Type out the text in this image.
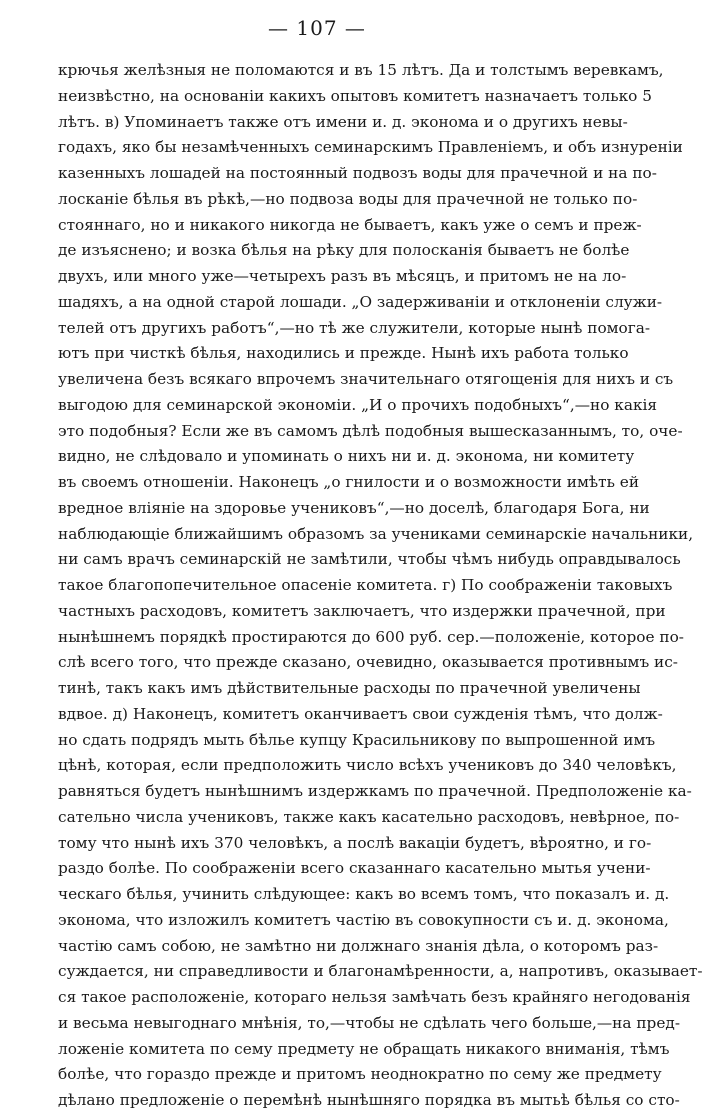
— 107 —
крючья желѣзныя не поломаются и въ 15 лѣтъ. Да и толстымъ веревкамъ,
неизвѣстно, на основаніи какихъ опытовъ комитетъ назначаетъ только 5
лѣтъ. в) Упоминаетъ также отъ имени и. д. эконома и о другихъ невы-
годахъ, яко бы незамѣченныхъ семинарскимъ Правленіемъ, и объ изнуреніи
казенныхъ лошадей на постоянный подвозъ воды для прачечной и на по-
лосканіе бѣлья въ рѣкѣ,—но подвоза воды для прачечной не только по-
стояннаго, но и никакого никогда не бываетъ, какъ уже о семъ и преж-
де изъяснено; и возка бѣлья на рѣку для полосканія бываетъ не болѣе
двухъ, или много уже—четырехъ разъ въ мѣсяцъ, и притомъ не на ло-
шадяхъ, а на одной старой лошади. „О задерживаніи и отклоненіи служи-
телей отъ другихъ работъ“,—но тѣ же служители, которые нынѣ помога-
ютъ при чисткѣ бѣлья, находились и прежде. Нынѣ ихъ работа только
увеличена безъ всякаго впрочемъ значительнаго отягощенія для нихъ и съ
выгодою для семинарской экономіи. „И о прочихъ подобныхъ“,—но какія
это подобныя? Если же въ самомъ дѣлѣ подобныя вышесказаннымъ, то, оче-
видно, не слѣдовало и упоминать о нихъ ни и. д. эконома, ни комитету
въ своемъ отношеніи. Наконецъ „о гнилости и о возможности имѣть ей
вредное вліяніе на здоровье учениковъ“,—но доселѣ, благодаря Бога, ни
наблюдающіе ближайшимъ образомъ за учениками семинарскіе начальники,
ни самъ врачъ семинарскій не замѣтили, чтобы чѣмъ нибудь оправдывалось
такое благопопечительное опасеніе комитета. г) По соображеніи таковыхъ
частныхъ расходовъ, комитетъ заключаетъ, что издержки прачечной, при
нынѣшнемъ порядкѣ простираются до 600 руб. сер.—положеніе, которое по-
слѣ всего того, что прежде сказано, очевидно, оказывается противнымъ ис-
тинѣ, такъ какъ имъ дѣйствительные расходы по прачечной увеличены
вдвое. д) Наконецъ, комитетъ оканчиваетъ свои сужденія тѣмъ, что долж-
но сдать подрядъ мыть бѣлье купцу Красильникову по выпрошенной имъ
цѣнѣ, которая, если предположить число всѣхъ учениковъ до 340 человѣкъ,
равняться будетъ нынѣшнимъ издержкамъ по прачечной. Предположеніе ка-
сательно числа учениковъ, также какъ касательно расходовъ, невѣрное, по-
тому что нынѣ ихъ 370 человѣкъ, а послѣ вакаціи будетъ, вѣроятно, и го-
раздо болѣе. По соображеніи всего сказаннаго касательно мытья учени-
ческаго бѣлья, учинить слѣдующее: какъ во всемъ томъ, что показалъ и. д.
эконома, что изложилъ комитетъ частію въ совокупности съ и. д. эконома,
частію самъ собою, не замѣтно ни должнаго знанія дѣла, о которомъ раз-
суждается, ни справедливости и благонамѣренности, а, напротивъ, оказывает-
ся такое расположеніе, котораго нельзя замѣчать безъ крайняго негодованія
и весьма невыгоднаго мнѣнія, то,—чтобы не сдѣлать чего больше,—на пред-
ложеніе комитета по сему предмету не обращать никакого вниманія, тѣмъ
болѣе, что гораздо прежде и притомъ неоднократно по сему же предмету
дѣлано предложеніе о перемѣнѣ нынѣшняго порядка въ мытьѣ бѣлья со сто-
